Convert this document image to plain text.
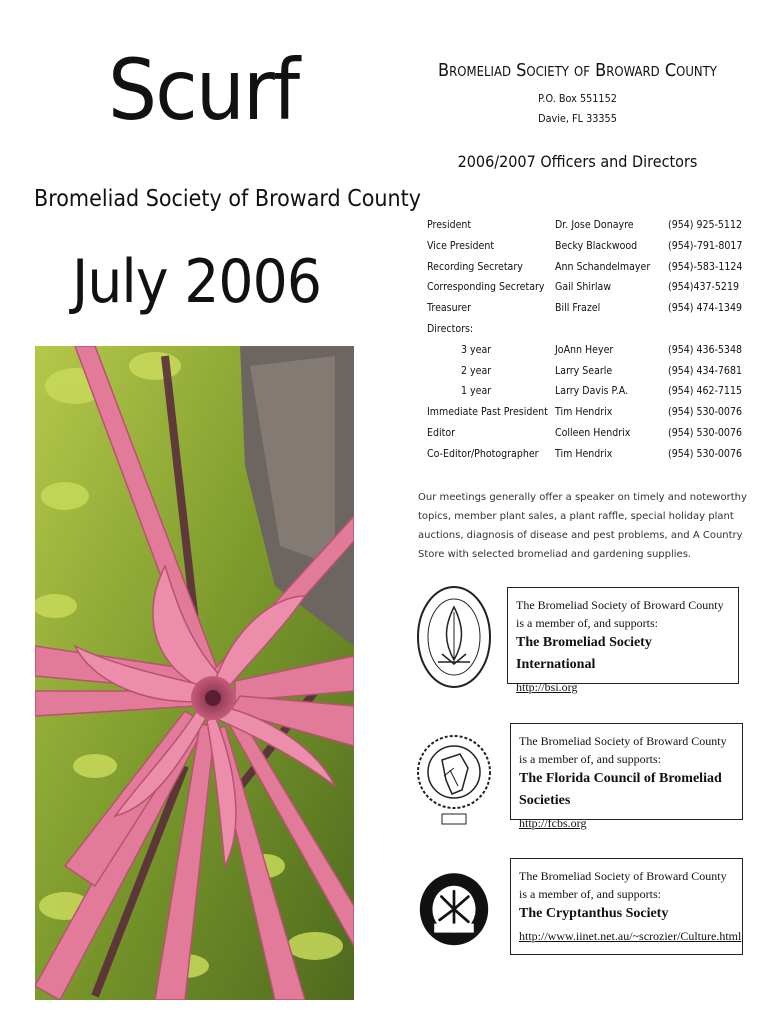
Scurf
Bromeliad Society of Broward County
July 2006
Bromeliad Society of Broward County
P.O. Box 551152
Davie, FL 33355
2006/2007 Officers and Directors
President	Dr. Jose Donayre	(954) 925-5112
Vice President	Becky Blackwood	(954)-791-8017
Recording Secretary	Ann Schandelmayer (954)-583-1124
Corresponding Secretary Gail Shirlaw	(954)437-5219
Treasurer	Bill Frazel	(954) 474-1349
Directors:
3 year	JoAnn Heyer	(954) 436-5348
2 year	Larry Searle	(954) 434-7681
1 year	Larry Davis P.A.	(954) 462-7115
Immediate Past President Tim Hendrix	(954) 530-0076
Editor	Colleen Hendrix	(954) 530-0076
Co-Editor/Photographer Tim Hendrix	(954) 530-0076

Our meetings generally offer a speaker on timely and noteworthy topics, member plant sales, a plant raffle, special holiday plant auctions, diagnosis of disease and pest problems, and A Country Store with selected bromeliad and gardening supplies.

The Bromeliad Society of Broward County is a member of, and supports:
The Bromeliad Society International
http://bsi.org
The Bromeliad Society of Broward County is a member of, and supports:
The Florida Council of Bromeliad Societies
http://fcbs.org
The Bromeliad Society of Broward County is a member of, and supports:
The Cryptanthus Society
http://www.iinet.net.au/~scrozier/Culture.html
